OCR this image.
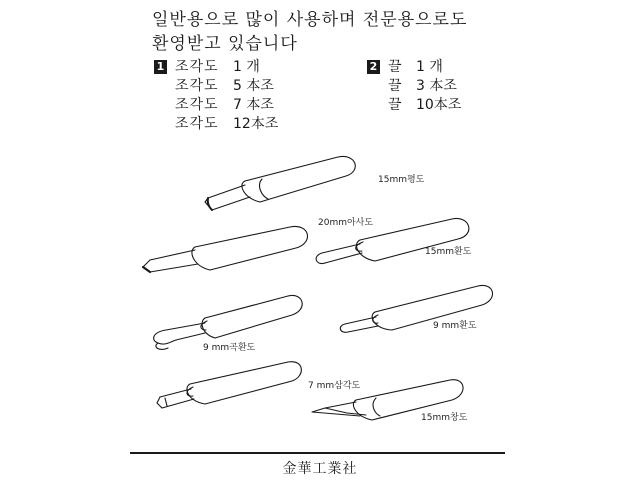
일반용으로 많이 사용하며 전문용으로도
환영받고 있습니다
1 조각도	1 개
조각도	5 本조
조각도	7 本조
조각도	12本조
2 끌 1 개
끌 3 本조
끌 10本조
15mm평도
20mm아사도
15mm환도
9 mm환도
9 mm곡환도
7 mm삼각도
15mm창도
金華工業社
